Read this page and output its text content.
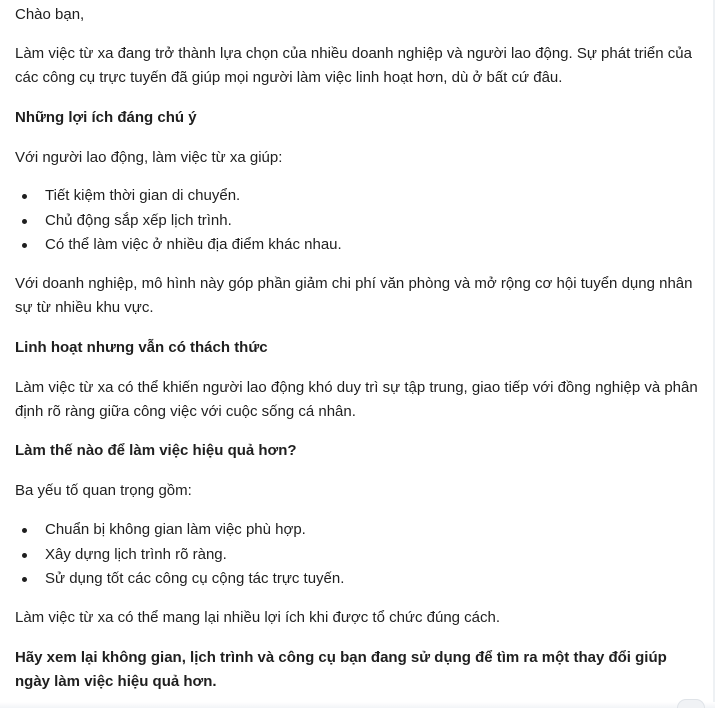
Chào bạn,

Làm việc từ xa đang trở thành lựa chọn của nhiều doanh nghiệp và người lao động. Sự phát triển của các công cụ trực tuyến đã giúp mọi người làm việc linh hoạt hơn, dù ở bất cứ đâu.

Những lợi ích đáng chú ý

Với người lao động, làm việc từ xa giúp:

Tiết kiệm thời gian di chuyển.
Chủ động sắp xếp lịch trình.
Có thể làm việc ở nhiều địa điểm khác nhau.

Với doanh nghiệp, mô hình này góp phần giảm chi phí văn phòng và mở rộng cơ hội tuyển dụng nhân sự từ nhiều khu vực.

Linh hoạt nhưng vẫn có thách thức

Làm việc từ xa có thể khiến người lao động khó duy trì sự tập trung, giao tiếp với đồng nghiệp và phân định rõ ràng giữa công việc với cuộc sống cá nhân.

Làm thế nào để làm việc hiệu quả hơn?

Ba yếu tố quan trọng gồm:

Chuẩn bị không gian làm việc phù hợp.
Xây dựng lịch trình rõ ràng.
Sử dụng tốt các công cụ cộng tác trực tuyến.

Làm việc từ xa có thể mang lại nhiều lợi ích khi được tổ chức đúng cách.

Hãy xem lại không gian, lịch trình và công cụ bạn đang sử dụng để tìm ra một thay đổi giúp ngày làm việc hiệu quả hơn.
